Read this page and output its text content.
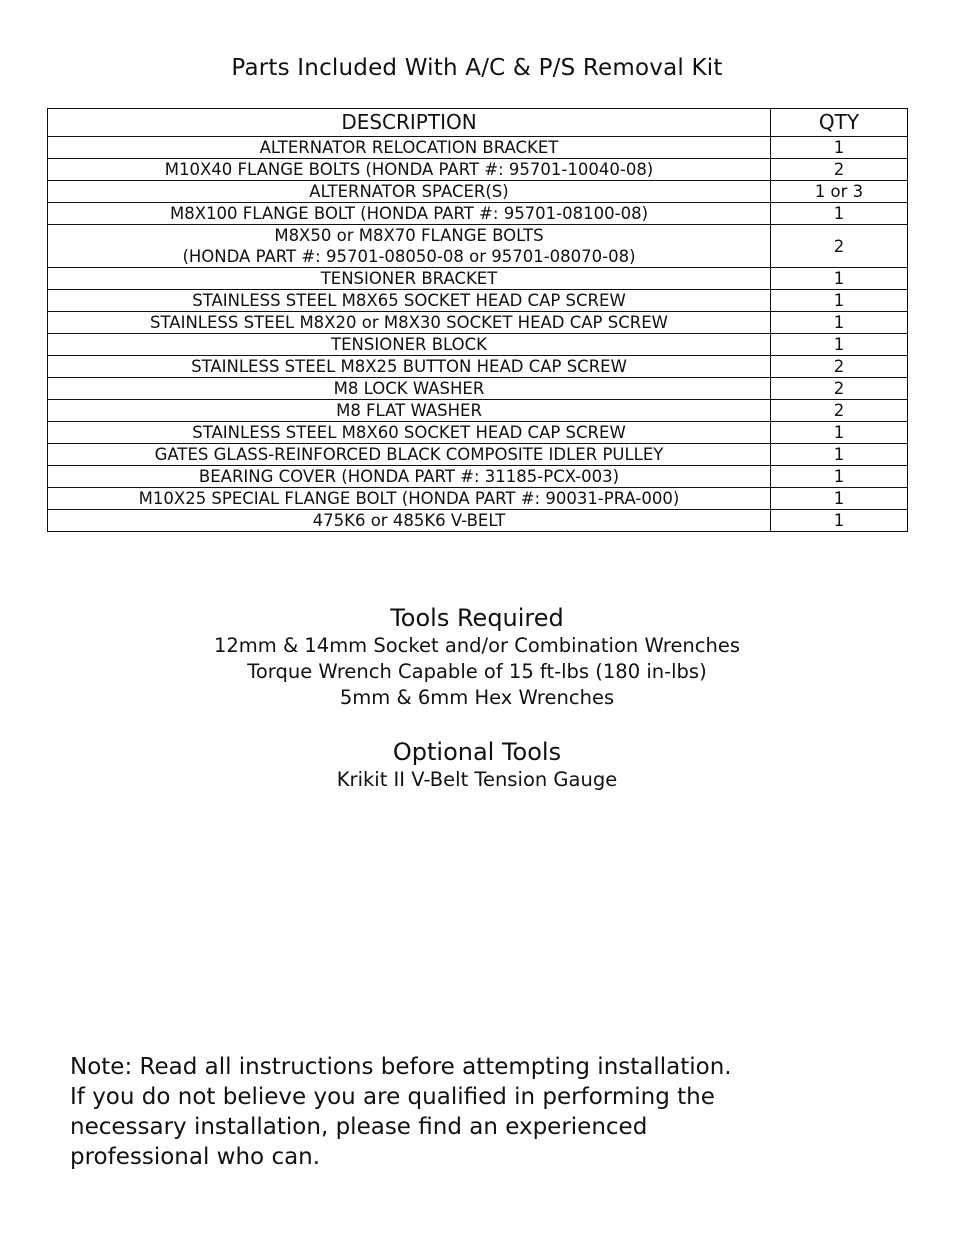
Parts Included With A/C & P/S Removal Kit
DESCRIPTION	QTY

ALTERNATOR RELOCATION BRACKET	1

M10X40 FLANGE BOLTS (HONDA PART #: 95701-10040-08)	2

ALTERNATOR SPACER(S)	1 or 3

M8X100 FLANGE BOLT (HONDA PART #: 95701-08100-08)	1

M8X50 or M8X70 FLANGE BOLTS
(HONDA PART #: 95701-08050-08 or 95701-08070-08)	2

TENSIONER BRACKET	1

STAINLESS STEEL M8X65 SOCKET HEAD CAP SCREW	1

STAINLESS STEEL M8X20 or M8X30 SOCKET HEAD CAP SCREW	1

TENSIONER BLOCK	1

STAINLESS STEEL M8X25 BUTTON HEAD CAP SCREW	2

M8 LOCK WASHER	2

M8 FLAT WASHER	2

STAINLESS STEEL M8X60 SOCKET HEAD CAP SCREW	1

GATES GLASS-REINFORCED BLACK COMPOSITE IDLER PULLEY	1

BEARING COVER (HONDA PART #: 31185-PCX-003)	1

M10X25 SPECIAL FLANGE BOLT (HONDA PART #: 90031-PRA-000)	1

475K6 or 485K6 V-BELT	1
Tools Required

12mm & 14mm Socket and/or Combination Wrenches

Torque Wrench Capable of 15 ft-lbs (180 in-lbs)

5mm & 6mm Hex Wrenches

Optional Tools

Krikit II V-Belt Tension Gauge

Note: Read all instructions before attempting installation.
If you do not believe you are qualified in performing the
necessary installation, please find an experienced
professional who can.
